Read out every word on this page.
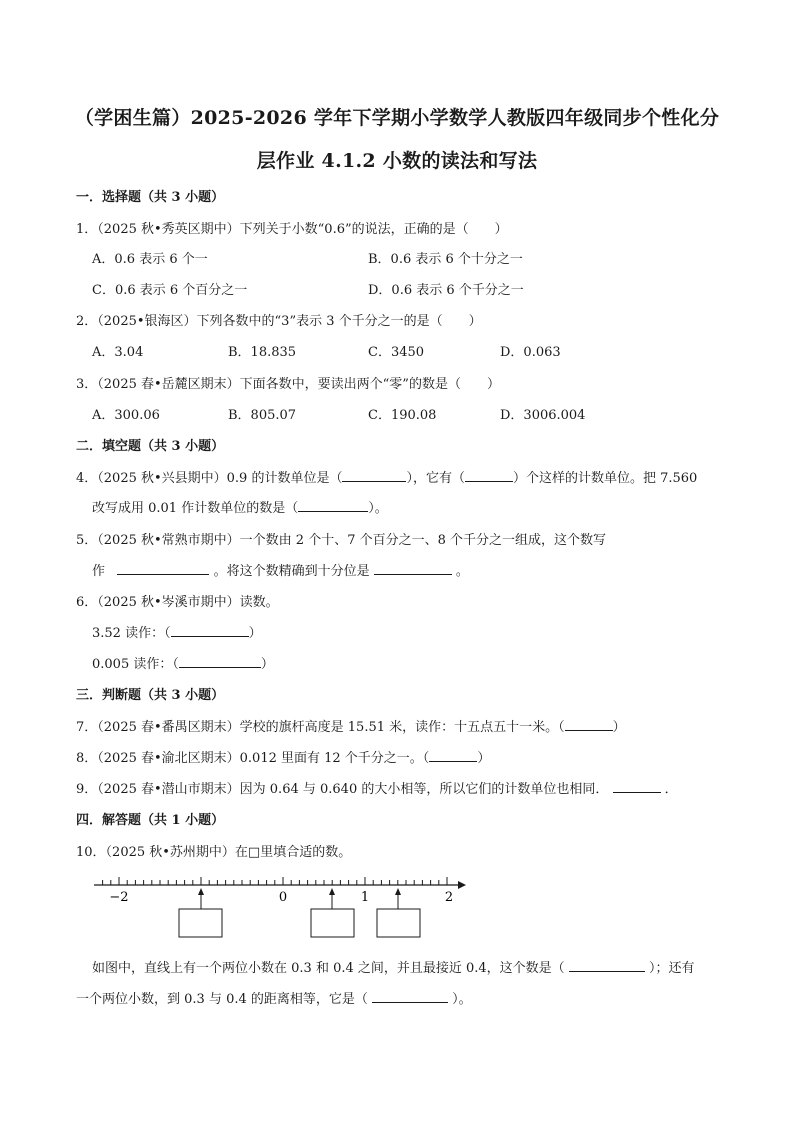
（学困生篇）2025-2026 学年下学期小学数学人教版四年级同步个性化分
层作业 4.1.2 小数的读法和写法
一．选择题（共 3 小题）
1．（2025 秋•秀英区期中）下列关于小数“0.6”的说法，正确的是（　　）
A．0.6 表示 6 个一	B．0.6 表示 6 个十分之一
C．0.6 表示 6 个百分之一	D．0.6 表示 6 个千分之一
2．（2025•银海区）下列各数中的“3”表示 3 个千分之一的是（　　）
A．3.04	B．18.835	C．3450	D．0.063
3．（2025 春•岳麓区期末）下面各数中，要读出两个“零”的数是（　　）
A．300.06	B．805.07	C．190.08	D．3006.004
二．填空题（共 3 小题）
4．（2025 秋•兴县期中）0.9 的计数单位是（	），它有（	）个这样的计数单位。把 7.560
改写成用 0.01 作计数单位的数是（	）。
5．（2025 秋•常熟市期中）一个数由 2 个十、7 个百分之一、8 个千分之一组成，这个数写
作	。将这个数精确到十分位是	。
6．（2025 秋•岑溪市期中）读数。
3.52 读作：（	）
0.005 读作：（	）
三．判断题（共 3 小题）
7．（2025 春•番禺区期末）学校的旗杆高度是 15.51 米，读作：十五点五十一米。（	）
8．（2025 春•渝北区期末）0.012 里面有 12 个千分之一。（	）
9．（2025 春•潜山市期末）因为 0.64 与 0.640 的大小相等，所以它们的计数单位也相同．	．
四．解答题（共 1 小题）
10．（2025 秋•苏州期中）在□里填合适的数。
−2	0	1	2
如图中，直线上有一个两位小数在 0.3 和 0.4 之间，并且最接近 0.4，这个数是（	）；还有
一个两位小数，到 0.3 与 0.4 的距离相等，它是（	）。
